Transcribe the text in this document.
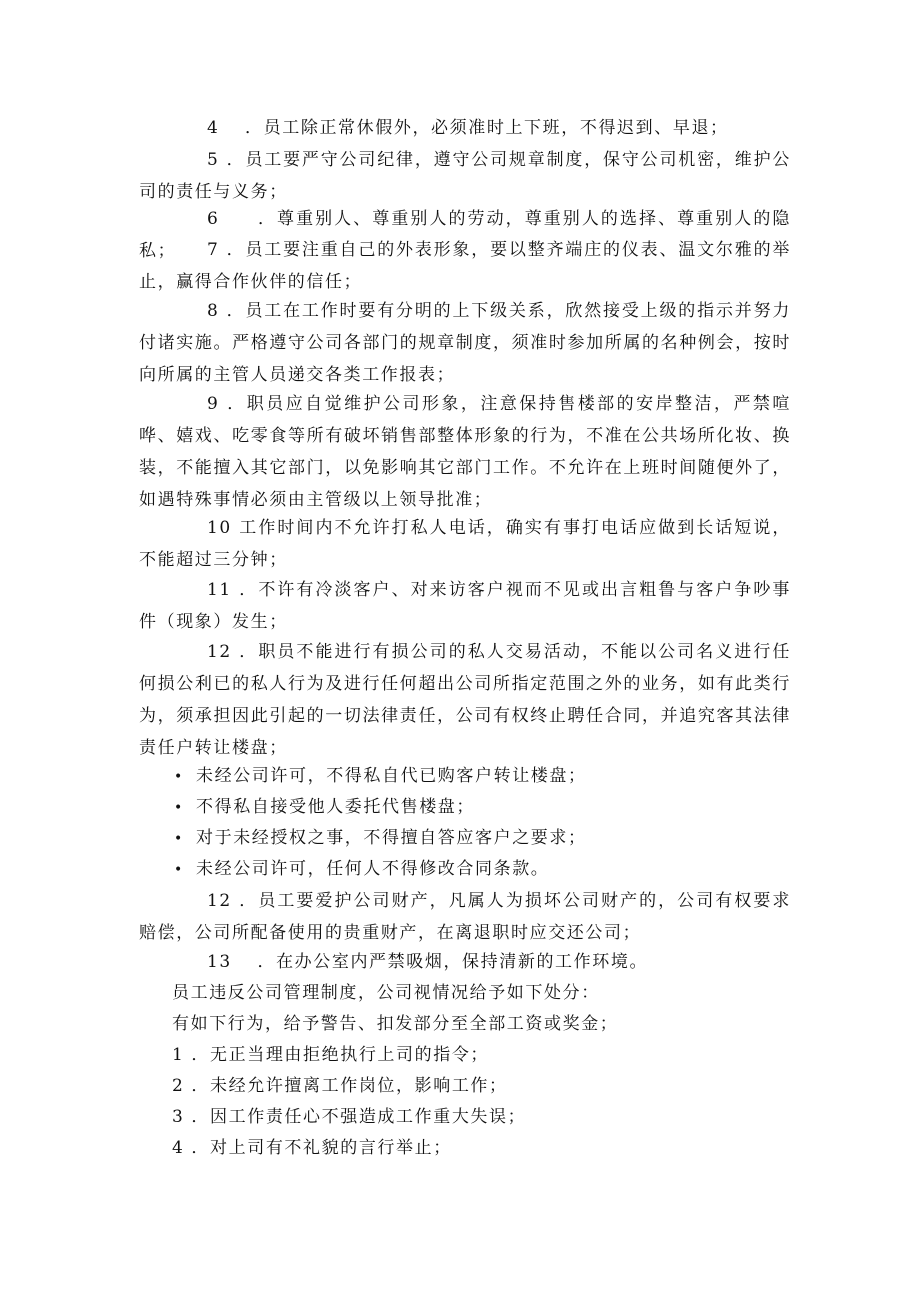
4　 ．员工除正常休假外，必须准时上下班，不得迟到、早退；

5 ．员工要严守公司纪律，遵守公司规章制度，保守公司机密，维护公司的责任与义务；

6　　．尊重别人、尊重别人的劳动，尊重别人的选择、尊重别人的隐私；	7 ．员工要注重自己的外表形象，要以整齐端庄的仪表、温文尔雅的举止，赢得合作伙伴的信任；

8 ．员工在工作时要有分明的上下级关系，欣然接受上级的指示并努力付诸实施。严格遵守公司各部门的规章制度，须准时参加所属的名种例会，按时向所属的主管人员递交各类工作报表；

9 ．职员应自觉维护公司形象，注意保持售楼部的安岸整洁，严禁喧哗、嬉戏、吃零食等所有破坏销售部整体形象的行为，不准在公共场所化妆、换装，不能擅入其它部门，以免影响其它部门工作。不允许在上班时间随便外了，如遇特殊事情必须由主管级以上领导批准；

10 工作时间内不允许打私人电话，确实有事打电话应做到长话短说，不能超过三分钟；

11 ．不许有冷淡客户、对来访客户视而不见或出言粗鲁与客户争吵事件（现象）发生；

12 ．职员不能进行有损公司的私人交易活动，不能以公司名义进行任何损公利已的私人行为及进行任何超出公司所指定范围之外的业务，如有此类行为，须承担因此引起的一切法律责任，公司有权终止聘任合同，并追究客其法律责任户转让楼盘；

• 未经公司许可，不得私自代已购客户转让楼盘；

• 不得私自接受他人委托代售楼盘；

• 对于未经授权之事，不得擅自答应客户之要求；

• 未经公司许可，任何人不得修改合同条款。

12 ．员工要爱护公司财产，凡属人为损坏公司财产的，公司有权要求赔偿，公司所配备使用的贵重财产，在离退职时应交还公司；

13　 ．在办公室内严禁吸烟，保持清新的工作环境。

员工违反公司管理制度，公司视情况给予如下处分：

有如下行为，给予警告、扣发部分至全部工资或奖金；

1 ．无正当理由拒绝执行上司的指令；

2 ．未经允许擅离工作岗位，影响工作；

3 ．因工作责任心不强造成工作重大失误；

4 ．对上司有不礼貌的言行举止；
